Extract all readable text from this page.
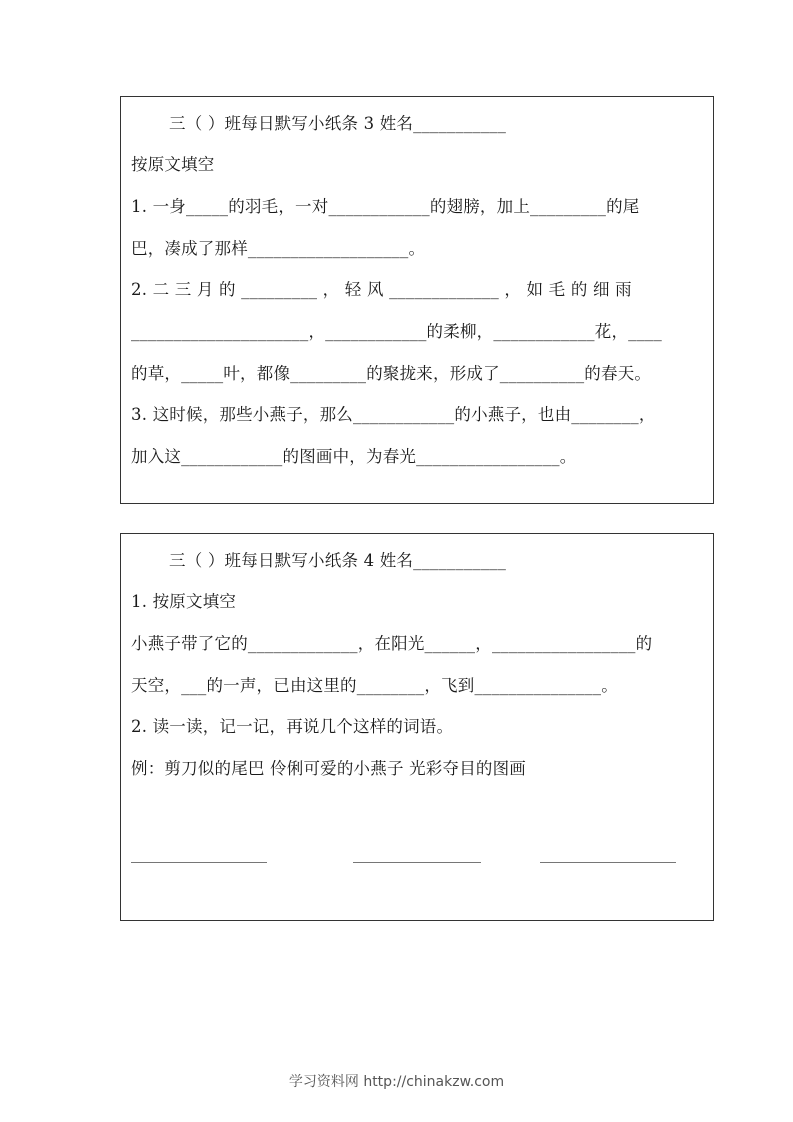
三（ ）班每日默写小纸条 3 姓名___________
按原文填空
1. 一身_____的羽毛，一对____________的翅膀，加上_________的尾
巴，凑成了那样___________________。
2. 二 三 月 的 _________ ， 轻 风 _____________ ， 如 毛 的 细 雨
_____________________，____________的柔柳，____________花，____
的草，_____叶，都像_________的聚拢来，形成了__________的春天。
3. 这时候，那些小燕子，那么____________的小燕子，也由________，
加入这____________的图画中，为春光_________________。
三（ ）班每日默写小纸条 4 姓名___________
1. 按原文填空
小燕子带了它的_____________，在阳光______，_________________的
天空，___的一声，已由这里的________，飞到_______________。
2. 读一读，记一记，再说几个这样的词语。
例：剪刀似的尾巴 伶俐可爱的小燕子 光彩夺目的图画
_________________	________________	_________________
学习资料网 http://chinakzw.com
